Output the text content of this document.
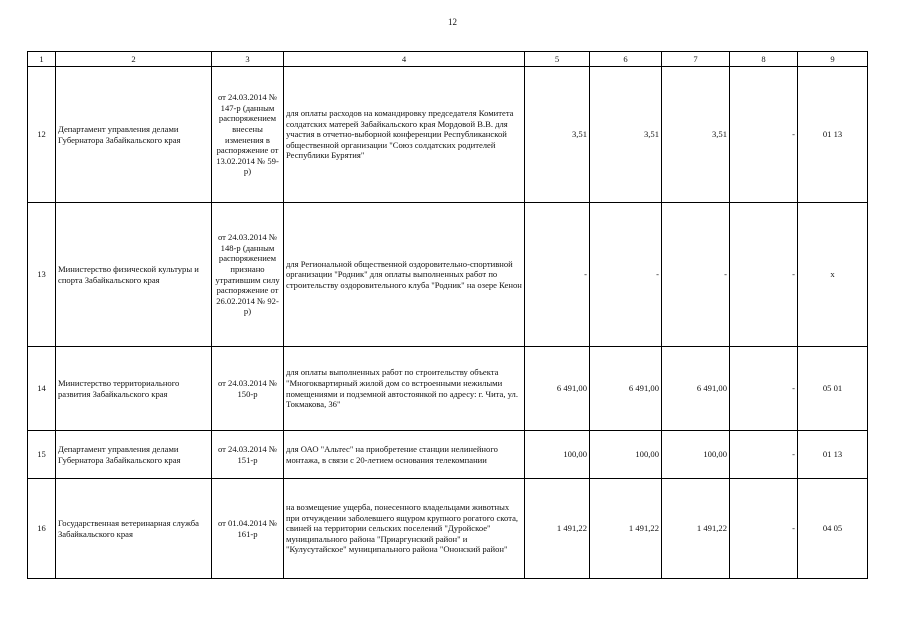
12
1	2	3	4	5	6	7	8	9
12	Департамент управления делами Губернатора Забайкальского края	от 24.03.2014 № 147-р (данным распоряжением внесены изменения в распоряжение от 13.02.2014 № 59-р)	для оплаты расходов на командировку председателя Комитета солдатских матерей Забайкальского края Мордовой В.В. для участия в отчетно-выборной конференции Республиканской общественной организации "Союз солдатских родителей Республики Бурятия"	3,51	3,51	3,51	-	01 13
13	Министерство физической культуры и спорта Забайкальского края	от 24.03.2014 № 148-р (данным распоряжением признано утратившим силу распоряжение от 26.02.2014 № 92-р)	для Региональной общественной оздоровительно-спортивной организации "Родник" для оплаты выполненных работ по строительству оздоровительного клуба "Родник" на озере Кенон	-	-	-	-	х
14	Министерство территориального развития Забайкальского края	от 24.03.2014 № 150-р	для оплаты выполненных работ по строительству объекта "Многоквартирный жилой дом со встроенными нежилыми помещениями и подземной автостоянкой по адресу: г. Чита, ул. Токмакова, 36"	6 491,00	6 491,00	6 491,00	-	05 01
15	Департамент управления делами Губернатора Забайкальского края	от 24.03.2014 № 151-р	для ОАО "Альтес" на приобретение станции нелинейного монтажа, в связи с 20-летием основания телекомпании	100,00	100,00	100,00	-	01 13
16	Государственная ветеринарная служба Забайкальского края	от 01.04.2014 № 161-р	на возмещение ущерба, понесенного владельцами животных при отчуждении заболевшего ящуром крупного рогатого скота, свиней на территории сельских поселений "Дуройское" муниципального района "Приаргунский район" и "Кулусутайское" муниципального района "Ононский район"	1 491,22	1 491,22	1 491,22	-	04 05
